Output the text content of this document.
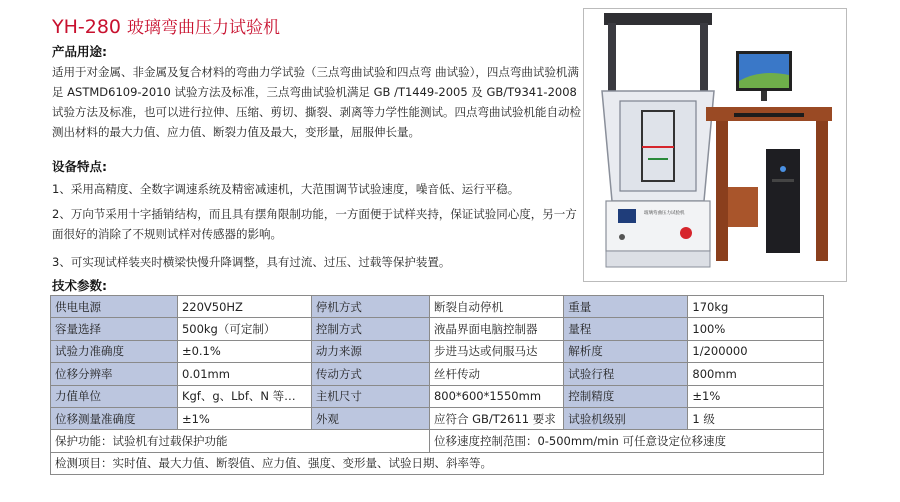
YH-280 玻璃弯曲压力试验机
产品用途:
适用于对金属、非金属及复合材料的弯曲力学试验（三点弯曲试验和四点弯 曲试验），四点弯曲试验机满足 ASTMD6109-2010 试验方法及标准，三点弯曲试验机满足 GB /T1449-2005 及 GB/T9341-2008 试验方法及标准，也可以进行拉伸、压缩、剪切、撕裂、剥离等力学性能测试。四点弯曲试验机能自动检测出材料的最大力值、应力值、断裂力值及最大，变形量，屈服伸长量。
设备特点:
1、采用高精度、全数字调速系统及精密减速机，大范围调节试验速度，噪音低、运行平稳。
2、万向节采用十字插销结构，而且具有摆角限制功能，一方面便于试样夹持，保证试验同心度，另一方面很好的消除了不规则试样对传感器的影响。
3、可实现试样装夹时横梁快慢升降调整，具有过流、过压、过载等保护装置。
技术参数:
供电电源	220V50HZ	停机方式	断裂自动停机	重量	170kg
容量选择	500kg（可定制）	控制方式	液晶界面电脑控制器	量程	100%
试验力准确度	±0.1%	动力来源	步进马达或伺服马达	解析度	1/200000
位移分辨率	0.01mm	传动方式	丝杆传动	试验行程	800mm
力值单位	Kgf、g、Lbf、N 等…	主机尺寸	800*600*1550mm	控制精度	±1%
位移测量准确度	±1%	外观	应符合 GB/T2611 要求	试验机级别	1 级
保护功能：试验机有过载保护功能			位移速度控制范围：0-500mm/min 可任意设定位移速度		
检测项目：实时值、最大力值、断裂值、应力值、强度、变形量、试验日期、斜率等。					
玻璃弯曲压力试验机
